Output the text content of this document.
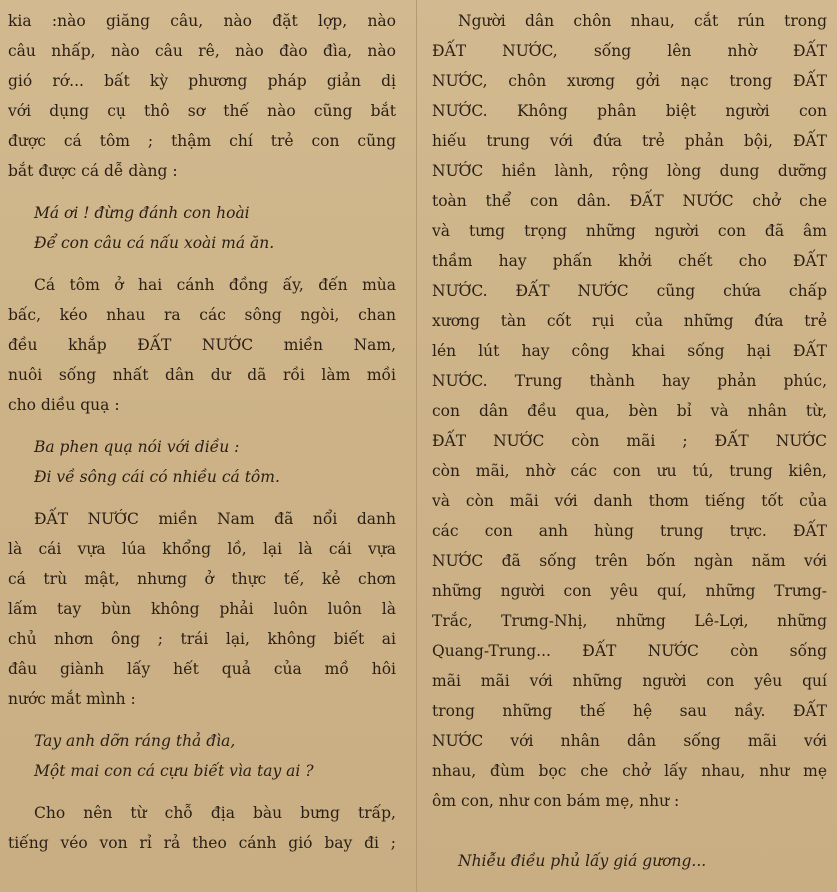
kia :nào giăng câu, nào đặt lợp, nào
câu nhấp, nào câu rê, nào đào đìa, nào
gió rớ... bất kỳ phương pháp giản dị
với dụng cụ thô sơ thế nào cũng bắt
được cá tôm ; thậm chí trẻ con cũng
bắt được cá dễ dàng :
Má ơi ! đừng đánh con hoài
Để con câu cá nấu xoài má ăn.
Cá tôm ở hai cánh đồng ấy, đến mùa
bấc, kéo nhau ra các sông ngòi, chan
đều khắp ĐẤT NƯỚC miền Nam,
nuôi sống nhất dân dư dã rồi làm mồi
cho diều quạ :
Ba phen quạ nói với diều :
Đi về sông cái có nhiều cá tôm.
ĐẤT NƯỚC miền Nam đã nổi danh
là cái vựa lúa khổng lồ, lại là cái vựa
cá trù mật, nhưng ở thực tế, kẻ chơn
lấm tay bùn không phải luôn luôn là
chủ nhơn ông ; trái lại, không biết ai
đâu giành lấy hết quả của mồ hôi
nước mắt mình :
Tay anh dỡn ráng thả đìa,
Một mai con cá cựu biết vìa tay ai ?
Cho nên từ chỗ địa bàu bưng trấp,
tiếng véo von rỉ rả theo cánh gió bay đi ;
Người dân chôn nhau, cắt rún trong
ĐẤT NƯỚC, sống lên nhờ ĐẤT
NƯỚC, chôn xương gởi nạc trong ĐẤT
NƯỚC. Không phân biệt người con
hiếu trung với đứa trẻ phản bội, ĐẤT
NƯỚC hiền lành, rộng lòng dung dưỡng
toàn thể con dân. ĐẤT NƯỚC chở che
và tưng trọng những người con đã âm
thầm hay phấn khởi chết cho ĐẤT
NƯỚC. ĐẤT NƯỚC cũng chứa chấp
xương tàn cốt rụi của những đứa trẻ
lén lút hay công khai sống hại ĐẤT
NƯỚC. Trung thành hay phản phúc,
con dân đều qua, bèn bỉ và nhân từ,
ĐẤT NƯỚC còn mãi ; ĐẤT NƯỚC
còn mãi, nhờ các con ưu tú, trung kiên,
và còn mãi với danh thơm tiếng tốt của
các con anh hùng trung trực. ĐẤT
NƯỚC đã sống trên bốn ngàn năm với
những người con yêu quí, những Trưng-
Trắc, Trưng-Nhị, những Lê-Lợi, những
Quang-Trung... ĐẤT NƯỚC còn sống
mãi mãi với những người con yêu quí
trong những thế hệ sau nầy. ĐẤT
NƯỚC với nhân dân sống mãi với
nhau, đùm bọc che chở lấy nhau, như mẹ
ôm con, như con bám mẹ, như :
Nhiễu điều phủ lấy giá gương...
